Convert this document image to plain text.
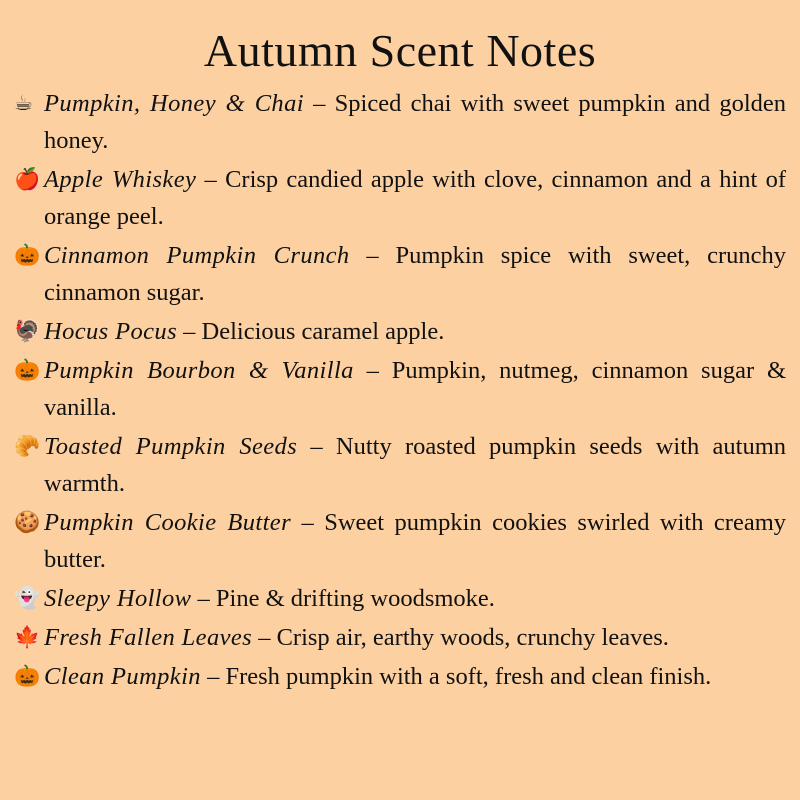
Autumn Scent Notes
☕ Pumpkin, Honey & Chai – Spiced chai with sweet pumpkin and golden honey.
🍎 Apple Whiskey – Crisp candied apple with clove, cinnamon and a hint of orange peel.
🎃 Cinnamon Pumpkin Crunch – Pumpkin spice with sweet, crunchy cinnamon sugar.
🦃 Hocus Pocus – Delicious caramel apple.
🎃 Pumpkin Bourbon & Vanilla – Pumpkin, nutmeg, cinnamon sugar & vanilla.
🥐 Toasted Pumpkin Seeds – Nutty roasted pumpkin seeds with autumn warmth.
🍪 Pumpkin Cookie Butter – Sweet pumpkin cookies swirled with creamy butter.
👻 Sleepy Hollow – Pine & drifting woodsmoke.
🍁 Fresh Fallen Leaves – Crisp air, earthy woods, crunchy leaves.
🎃 Clean Pumpkin – Fresh pumpkin with a soft, fresh and clean finish.
